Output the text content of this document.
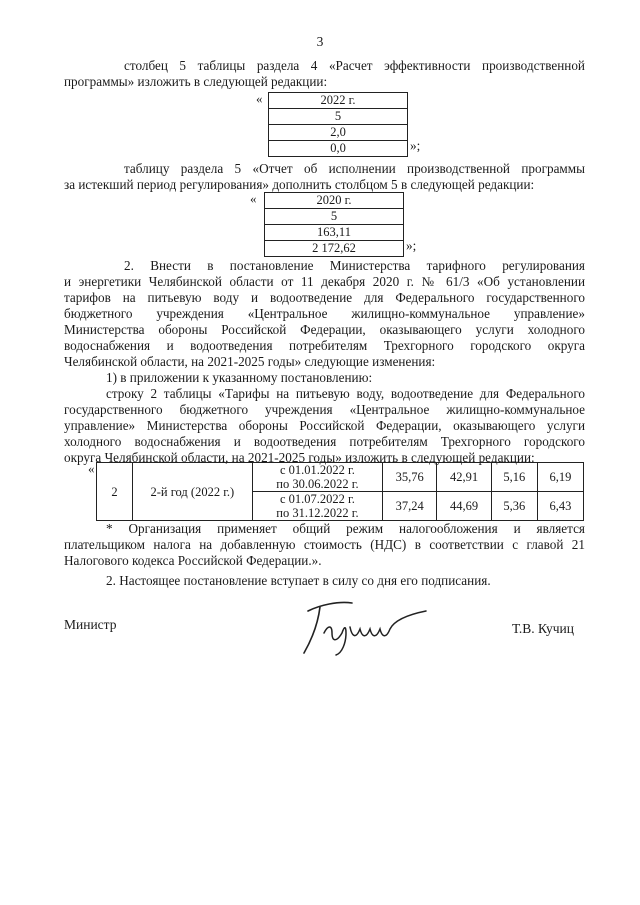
3
столбец 5 таблицы раздела 4 «Расчет эффективности производственной
программы» изложить в следующей редакции:
«	2022 г.
5
2,0
0,0	»;
таблицу раздела 5 «Отчет об исполнении производственной программы
за истекший период регулирования» дополнить столбцом 5 в следующей редакции:
«	2020 г.
5
163,11
2 172,62	»;
2. Внести в постановление Министерства тарифного регулирования
и энергетики Челябинской области от 11 декабря 2020 г. № 61/3 «Об установлении
тарифов на питьевую воду и водоотведение для Федерального государственного
бюджетного учреждения «Центральное жилищно-коммунальное управление»
Министерства обороны Российской Федерации, оказывающего услуги холодного
водоснабжения и водоотведения потребителям Трехгорного городского округа
Челябинской области, на 2021-2025 годы» следующие изменения:
1) в приложении к указанному постановлению:
строку 2 таблицы «Тарифы на питьевую воду, водоотведение для Федерального
государственного бюджетного учреждения «Центральное жилищно-коммунальное
управление» Министерства обороны Российской Федерации, оказывающего услуги
холодного водоснабжения и водоотведения потребителям Трехгорного городского
округа Челябинской области, на 2021-2025 годы» изложить в следующей редакции:
«
2	2-й год (2022 г.)	с 01.01.2022 г.
по 30.06.2022 г.	35,76	42,91	5,16	6,19

		с 01.07.2022 г.
по 31.12.2022 г.	37,24	44,69	5,36	6,43
* Организация применяет общий режим налогообложения и является
плательщиком налога на добавленную стоимость (НДС) в соответствии с главой 21
Налогового кодекса Российской Федерации.».
2. Настоящее постановление вступает в силу со дня его подписания.
Министр	Т.В. Кучиц
